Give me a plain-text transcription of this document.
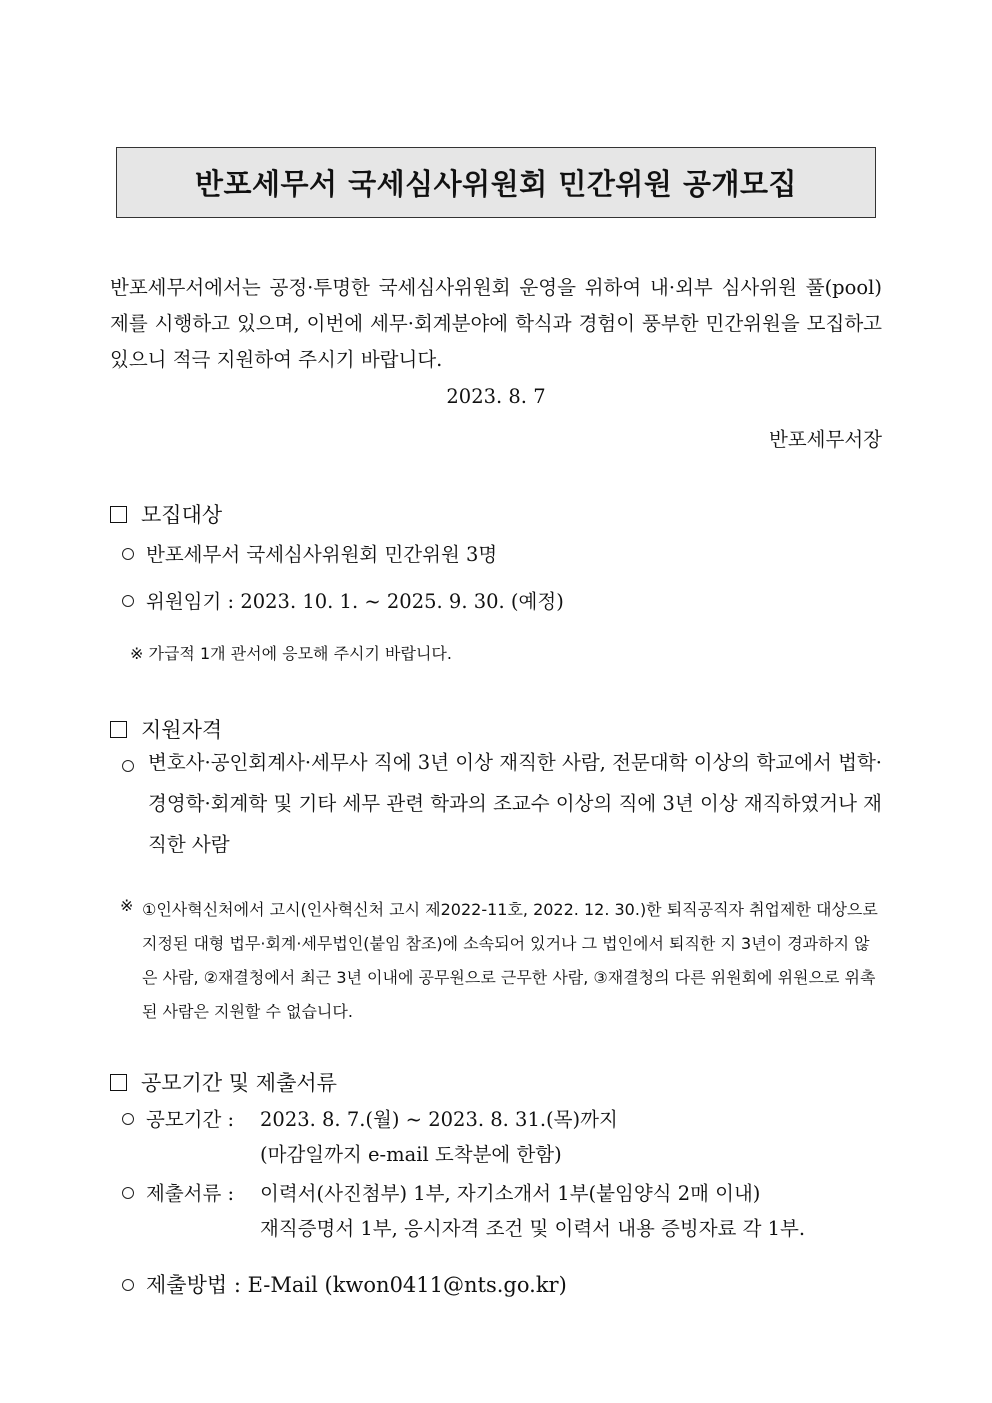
반포세무서 국세심사위원회 민간위원 공개모집
반포세무서에서는 공정·투명한 국세심사위원회 운영을 위하여 내·외부 심사위원 풀(pool)제를 시행하고 있으며, 이번에 세무·회계분야에 학식과 경험이 풍부한 민간위원을 모집하고 있으니 적극 지원하여 주시기 바랍니다.
2023. 8. 7
반포세무서장
모집대상
반포세무서 국세심사위원회 민간위원 3명
위원임기 : 2023. 10. 1. ~ 2025. 9. 30. (예정)
※ 가급적 1개 관서에 응모해 주시기 바랍니다.
지원자격
변호사·공인회계사·세무사 직에 3년 이상 재직한 사람, 전문대학 이상의 학교에서 법학·경영학·회계학 및 기타 세무 관련 학과의 조교수 이상의 직에 3년 이상 재직하였거나 재직한 사람
※ ①인사혁신처에서 고시(인사혁신처 고시 제2022-11호, 2022. 12. 30.)한 퇴직공직자 취업제한 대상으로 지정된 대형 법무·회계·세무법인(붙임 참조)에 소속되어 있거나 그 법인에서 퇴직한 지 3년이 경과하지 않은 사람, ②재결청에서 최근 3년 이내에 공무원으로 근무한 사람, ③재결청의 다른 위원회에 위원으로 위촉된 사람은 지원할 수 없습니다.
공모기간 및 제출서류
공모기간 : 2023. 8. 7.(월) ~ 2023. 8. 31.(목)까지
(마감일까지 e-mail 도착분에 한함)
제출서류 : 이력서(사진첨부) 1부, 자기소개서 1부(붙임양식 2매 이내)
재직증명서 1부, 응시자격 조건 및 이력서 내용 증빙자료 각 1부.
제출방법 : E-Mail (kwon0411@nts.go.kr)
